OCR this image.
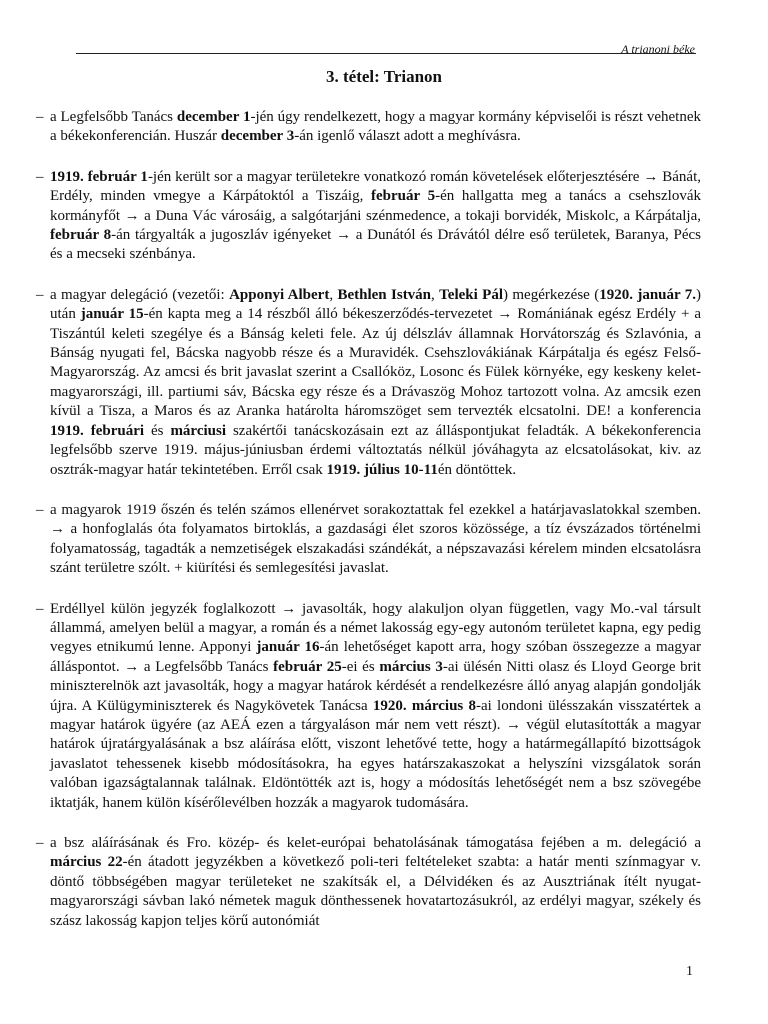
A trianoni béke
3. tétel: Trianon

– a Legfelsőbb Tanács december 1-jén úgy rendelkezett, hogy a magyar kormány képviselői is részt vehetnek a békekonferencián. Huszár december 3-án igenlő választ adott a meghívásra.

– 1919. február 1-jén került sor a magyar területekre vonatkozó román követelések előterjesztésére → Bánát, Erdély, minden vmegye a Kárpátoktól a Tiszáig, február 5-én hallgatta meg a tanács a csehszlovák kormányfőt → a Duna Vác városáig, a salgótarjáni szénmedence, a tokaji borvidék, Miskolc, a Kárpátalja, február 8-án tárgyalták a jugoszláv igényeket → a Dunától és Drávától délre eső területek, Baranya, Pécs és a mecseki szénbánya.

– a magyar delegáció (vezetői: Apponyi Albert, Bethlen István, Teleki Pál) megérkezése (1920. január 7.) után január 15-én kapta meg a 14 részből álló békeszerződés-tervezetet → Romániának egész Erdély + a Tiszántúl keleti szegélye és a Bánság keleti fele. Az új délszláv államnak Horvátország és Szlavónia, a Bánság nyugati fel, Bácska nagyobb része és a Muravidék. Csehszlovákiának Kárpátalja és egész Felső-Magyarország. Az amcsi és brit javaslat szerint a Csallóköz, Losonc és Fülek környéke, egy keskeny kelet-magyarországi, ill. partiumi sáv, Bácska egy része és a Drávaszög Mohoz tartozott volna. Az amcsik ezen kívül a Tisza, a Maros és az Aranka határolta háromszöget sem tervezték elcsatolni. DE! a konferencia 1919. februári és márciusi szakértői tanácskozásain ezt az álláspontjukat feladták. A békekonferencia legfelsőbb szerve 1919. május-júniusban érdemi változtatás nélkül jóváhagyta az elcsatolásokat, kiv. az osztrák-magyar határ tekintetében. Erről csak 1919. július 10-11én döntöttek.

– a magyarok 1919 őszén és telén számos ellenérvet sorakoztattak fel ezekkel a határjavaslatokkal szemben. → a honfoglalás óta folyamatos birtoklás, a gazdasági élet szoros közössége, a tíz évszázados történelmi folyamatosság, tagadták a nemzetiségek elszakadási szándékát, a népszavazási kérelem minden elcsatolásra szánt területre szólt. + kiürítési és semlegesítési javaslat.

– Erdéllyel külön jegyzék foglalkozott → javasolták, hogy alakuljon olyan független, vagy Mo.-val társult állammá, amelyen belül a magyar, a román és a német lakosság egy-egy autonóm területet kapna, egy pedig vegyes etnikumú lenne. Apponyi január 16-án lehetőséget kapott arra, hogy szóban összegezze a magyar álláspontot. → a Legfelsőbb Tanács február 25-ei és március 3-ai ülésén Nitti olasz és Lloyd George brit miniszterelnök azt javasolták, hogy a magyar határok kérdését a rendelkezésre álló anyag alapján gondolják újra. A Külügyminiszterek és Nagykövetek Tanácsa 1920. március 8-ai londoni ülésszakán visszatértek a magyar határok ügyére (az AEÁ ezen a tárgyaláson már nem vett részt). → végül elutasították a magyar határok újratárgyalásának a bsz aláírása előtt, viszont lehetővé tette, hogy a határmegállapító bizottságok javaslatot tehessenek kisebb módosításokra, ha egyes határszakaszokat a helyszíni vizsgálatok során valóban igazságtalannak találnak. Eldöntötték azt is, hogy a módosítás lehetőségét nem a bsz szövegébe iktatják, hanem külön kísérőlevélben hozzák a magyarok tudomására.

– a bsz aláírásának és Fro. közép- és kelet-európai behatolásának támogatása fejében a m. delegáció a március 22-én átadott jegyzékben a következő poli-teri feltételeket szabta: a határ menti színmagyar v. döntő többségében magyar területeket ne szakítsák el, a Délvidéken és az Ausztriának ítélt nyugat-magyarországi sávban lakó németek maguk dönthessenek hovatartozásukról, az erdélyi magyar, székely és szász lakosság kapjon teljes körű autonómiát

1
